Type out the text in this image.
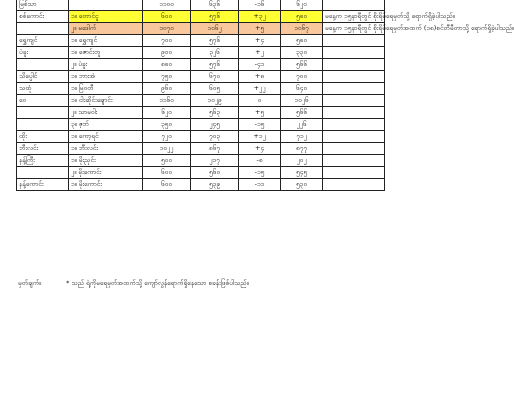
မြစ်သာ		၁၁၀၀	၆၃၆	-၁၆	၆၂၀	
စစ်ကောင်း	၁။ တောင်ငူ	၆၀၀	၅၇၆	+၃၂	၅၈၀	မနေ့က ၁၅နာရီတွင် စိုးရိမ်ရေမှတ်သို့ ရောက်ရှိခဲ့ပါသည်။
	၂။ မဒေါက်	၁၀၇၀	၁၀၆၂	+၅	၁၀၆၇	မနေ့က ၁၅နာရီတွင် စိုးရိမ်ရေမှတ်အထက် (၁၈)စင်တီမီတာသို့ ရောက်ရှိခဲ့ပါသည်။
ရွှေကျင်	၁။ ရွှေကျင်	၇၀၀	၅၇၆	+၄	၅၈၀	
ပဲခူး	၁။ ဇောင်းတူ	၉၀၀	၃၂၆	+၂	၃၃၀	
	၂။ ပဲခူး	၈၈၀	၅၇၆	-၄၁	၅၆၆	
သိပ္ပေါင်	၁။ ဘားအံ	၇၅၀	၆၇၀	+၈	၇၀၀	
သထုံ	၁။ မြဝတီ	၉၆၀	၆၀၅	+၂၂	၆၄၀	
ဝေ	၁။ ငါးဆိုင်းချောင်း	၁၁၆၀	၁၀၂၉	၀	၁၀၂၆	
	၂။ သာမဝါး	၆၂၀	၅၆၃	+၅	၅၆၆	
	၃။ ဇ့ဘ်	၃၅၀	၂၄၅	-၁၅	၂၂၆	
ထိုး	၁။ ကော့ရင်	၇၂၀	၇၀၃	+၁၂	၇၁၂	
ဘီးလင်း	၁။ ဘီးလင်း	၁၀၂၂	၈၆၇	+၄	၈၇၇	
နန့်ကြီး	၁။ မိုးညှင်း	၅၀၀	၂၁၇	-၈	၂၀၂	
	၂။ မိုးကောင်း	၆၀၀	၅၆၀	-၁၅	၅၄၅	
နန့်ကောင်း	၁။ မိုးကောင်း	၆၀၀	၅၃၉	-၁၁	၅၃၀	
မှတ်ချက်။	* သည် ရဲ့ကိုမရေမှတ်အထက်သို့ ကျော်လွန်ရောက်ရှိနေသော စခန်းဖြစ်ပါသည်။
